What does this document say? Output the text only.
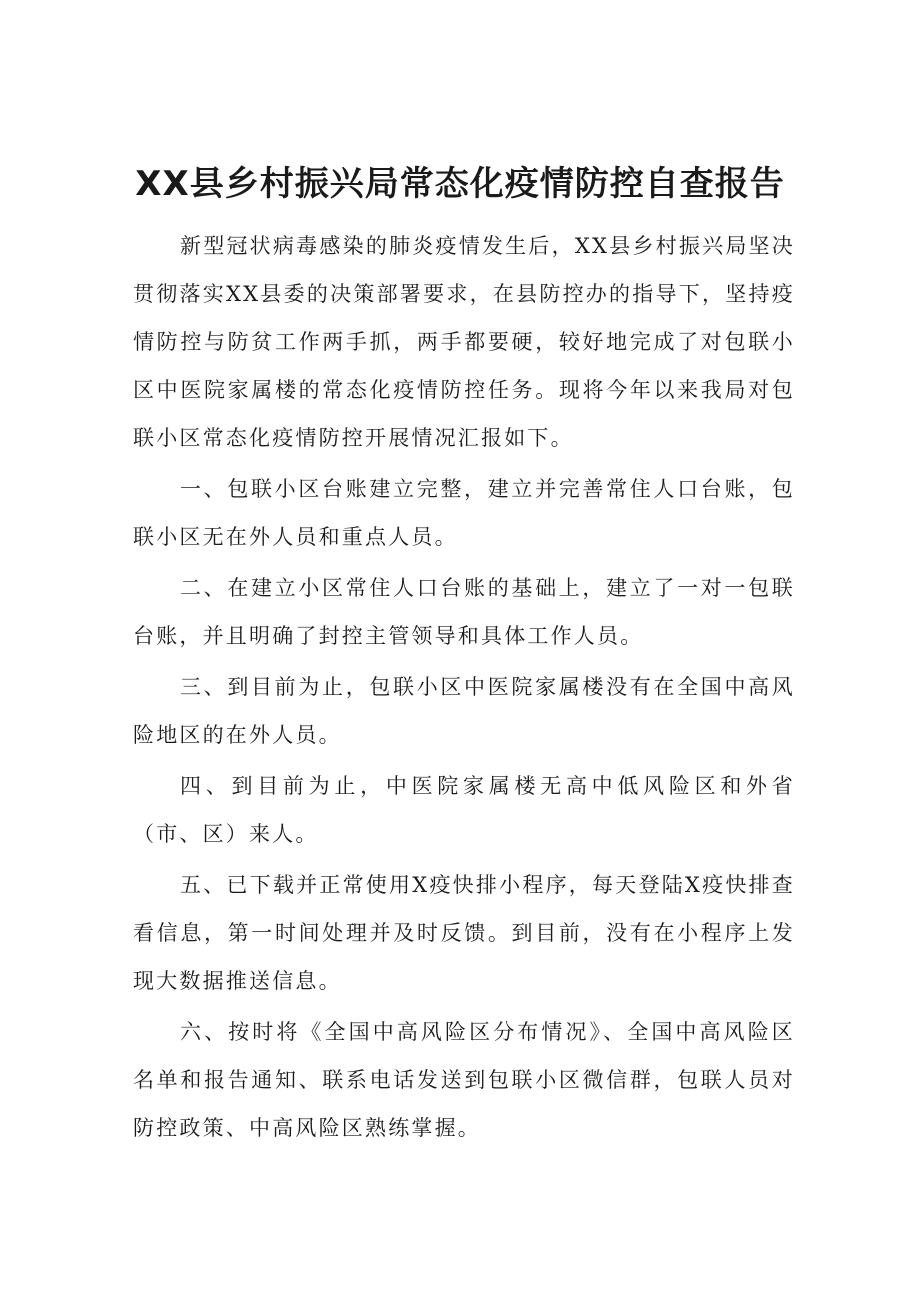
XX县乡村振兴局常态化疫情防控自查报告

新型冠状病毒感染的肺炎疫情发生后，XX县乡村振兴局坚决贯彻落实XX县委的决策部署要求，在县防控办的指导下，坚持疫情防控与防贫工作两手抓，两手都要硬，较好地完成了对包联小区中医院家属楼的常态化疫情防控任务。现将今年以来我局对包联小区常态化疫情防控开展情况汇报如下。

一、包联小区台账建立完整，建立并完善常住人口台账，包联小区无在外人员和重点人员。

二、在建立小区常住人口台账的基础上，建立了一对一包联台账，并且明确了封控主管领导和具体工作人员。

三、到目前为止，包联小区中医院家属楼没有在全国中高风险地区的在外人员。

四、到目前为止，中医院家属楼无高中低风险区和外省（市、区）来人。

五、已下载并正常使用X疫快排小程序，每天登陆X疫快排查看信息，第一时间处理并及时反馈。到目前，没有在小程序上发现大数据推送信息。

六、按时将《全国中高风险区分布情况》、全国中高风险区名单和报告通知、联系电话发送到包联小区微信群，包联人员对防控政策、中高风险区熟练掌握。
